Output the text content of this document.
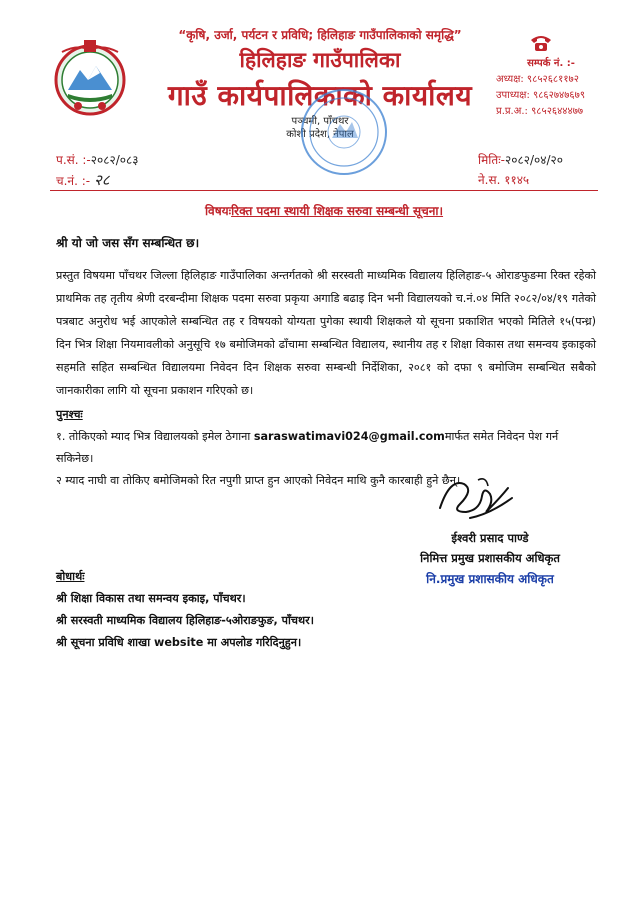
“कृषि, उर्जा, पर्यटन र प्रविधि; हिलिहाङ गाउँपालिकाको समृद्धि”
हिलिहाङ गाउँपालिका
गाउँ कार्यपालिकाको कार्यालय
पञ्चमी, पाँचथर
कोशी प्रदेश, नेपाल
सम्पर्क नं. :-
अध्यक्ष: ९८५२६८११७२
उपाध्यक्ष: ९८६२७४७६७९
प्र.प्र.अ.: ९८५२६४४४७७
प.सं. :-२०८२/०८३
च.नं. :- २८
मितिः-२०८२/०४/२०
ने.स. ११४५
विषयःरिक्त पदमा स्थायी शिक्षक सरुवा सम्बन्धी सूचना।
श्री यो जो जस सँग सम्बन्धित छ।
प्रस्तुत विषयमा पाँचथर जिल्ला हिलिहाङ गाउँपालिका अन्तर्गतको श्री सरस्वती माध्यमिक विद्यालय हिलिहाङ-५ ओराङफुङमा रिक्त रहेको प्राथमिक तह तृतीय श्रेणी दरबन्दीमा शिक्षक पदमा सरुवा प्रकृया अगाडि बढाइ दिन भनी विद्यालयको च.नं.०४ मिति २०८२/०४/१९ गतेको पत्रबाट अनुरोध भई आएकोले सम्बन्धित तह र विषयको योग्यता पुगेका स्थायी शिक्षकले यो सूचना प्रकाशित भएको मितिले १५(पन्ध्र) दिन भित्र शिक्षा नियमावलीको अनुसूचि १७ बमोजिमको ढाँचामा सम्बन्धित विद्यालय, स्थानीय तह र शिक्षा विकास तथा समन्वय इकाइको सहमति सहित सम्बन्धित विद्यालयमा निवेदन दिन शिक्षक सरुवा सम्बन्धी निर्देशिका, २०८१ को दफा ९ बमोजिम सम्बन्धित सबैको जानकारीका लागि यो सूचना प्रकाशन गरिएको छ।
पुनश्चः
१. तोकिएको म्याद भित्र विद्यालयको इमेल ठेगाना saraswatimavi024@gmail.comमार्फत समेत निवेदन पेश गर्न सकिनेछ।
२ म्याद नाघी वा तोकिए बमोजिमको रित नपुगी प्राप्त हुन आएको निवेदन माथि कुनै कारबाही हुने छैन्।
ईश्वरी प्रसाद पाण्डे
निमित्त प्रमुख प्रशासकीय अधिकृत
नि.प्रमुख प्रशासकीय अधिकृत
बोधार्थः
श्री शिक्षा विकास तथा समन्वय इकाइ, पाँचथर।
श्री सरस्वती माध्यमिक विद्यालय हिलिहाङ-५ओराङफुङ, पाँचथर।
श्री सूचना प्रविधि शाखा website मा अपलोड गरिदिनुहुन।
